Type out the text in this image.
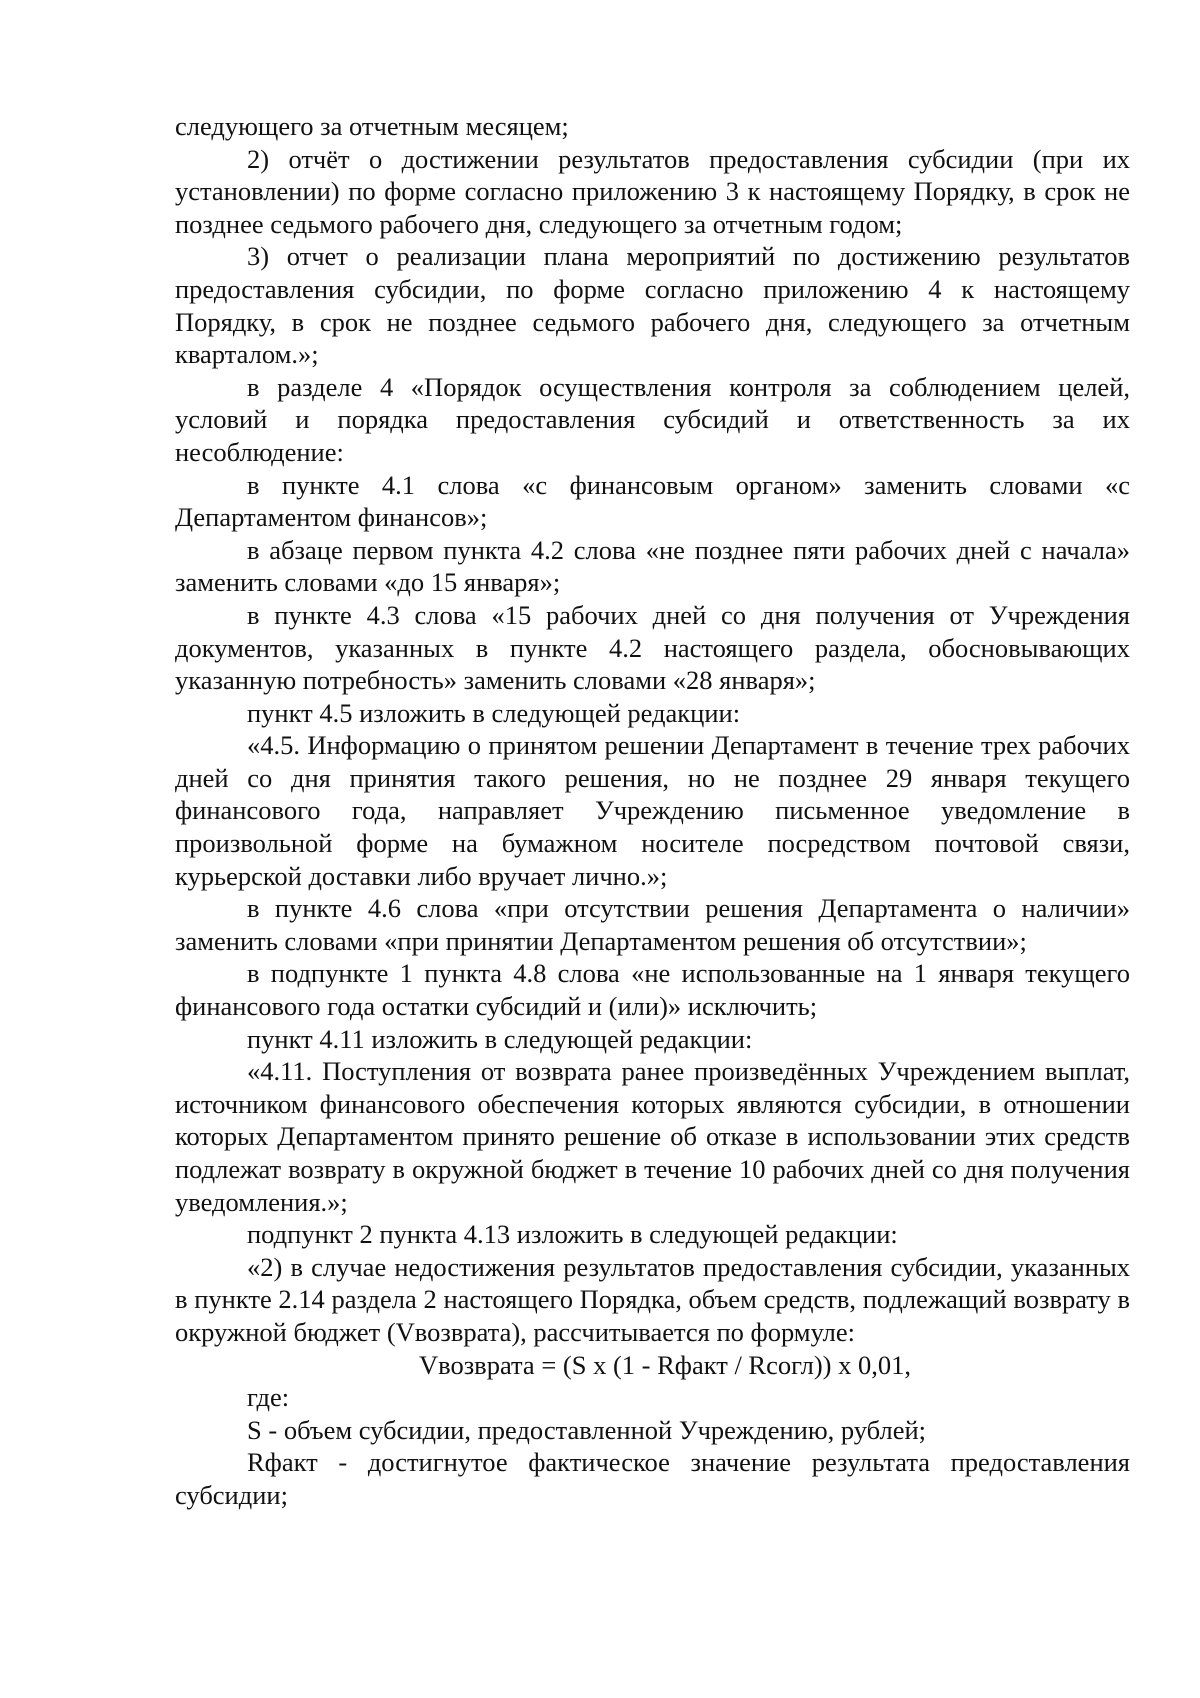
следующего за отчетным месяцем;

2) отчёт о достижении результатов предоставления субсидии (при их установлении) по форме согласно приложению 3 к настоящему Порядку, в срок не позднее седьмого рабочего дня, следующего за отчетным годом;

3) отчет о реализации плана мероприятий по достижению результатов предоставления субсидии, по форме согласно приложению 4 к настоящему Порядку, в срок не позднее седьмого рабочего дня, следующего за отчетным кварталом.»;

в разделе 4 «Порядок осуществления контроля за соблюдением целей, условий и порядка предоставления субсидий и ответственность за их несоблюдение:

в пункте 4.1 слова «с финансовым органом» заменить словами «с Департаментом финансов»;

в абзаце первом пункта 4.2 слова «не позднее пяти рабочих дней с начала» заменить словами «до 15 января»;

в пункте 4.3 слова «15 рабочих дней со дня получения от Учреждения документов, указанных в пункте 4.2 настоящего раздела, обосновывающих указанную потребность» заменить словами «28 января»;

пункт 4.5 изложить в следующей редакции:

«4.5. Информацию о принятом решении Департамент в течение трех рабочих дней со дня принятия такого решения, но не позднее 29 января текущего финансового года, направляет Учреждению письменное уведомление в произвольной форме на бумажном носителе посредством почтовой связи, курьерской доставки либо вручает лично.»;

в пункте 4.6 слова «при отсутствии решения Департамента о наличии» заменить словами «при принятии Департаментом решения об отсутствии»;

в подпункте 1 пункта 4.8 слова «не использованные на 1 января текущего финансового года остатки субсидий и (или)» исключить;

пункт 4.11 изложить в следующей редакции:

«4.11. Поступления от возврата ранее произведённых Учреждением выплат, источником финансового обеспечения которых являются субсидии, в отношении которых Департаментом принято решение об отказе в использовании этих средств подлежат возврату в окружной бюджет в течение 10 рабочих дней со дня получения уведомления.»;

подпункт 2 пункта 4.13 изложить в следующей редакции:

«2) в случае недостижения результатов предоставления субсидии, указанных в пункте 2.14 раздела 2 настоящего Порядка, объем средств, подлежащий возврату в окружной бюджет (Vвозврата), рассчитывается по формуле:

Vвозврата = (S x (1 - Rфакт / Rсогл)) x 0,01,

где:

S - объем субсидии, предоставленной Учреждению, рублей;

Rфакт - достигнутое фактическое значение результата предоставления субсидии;
